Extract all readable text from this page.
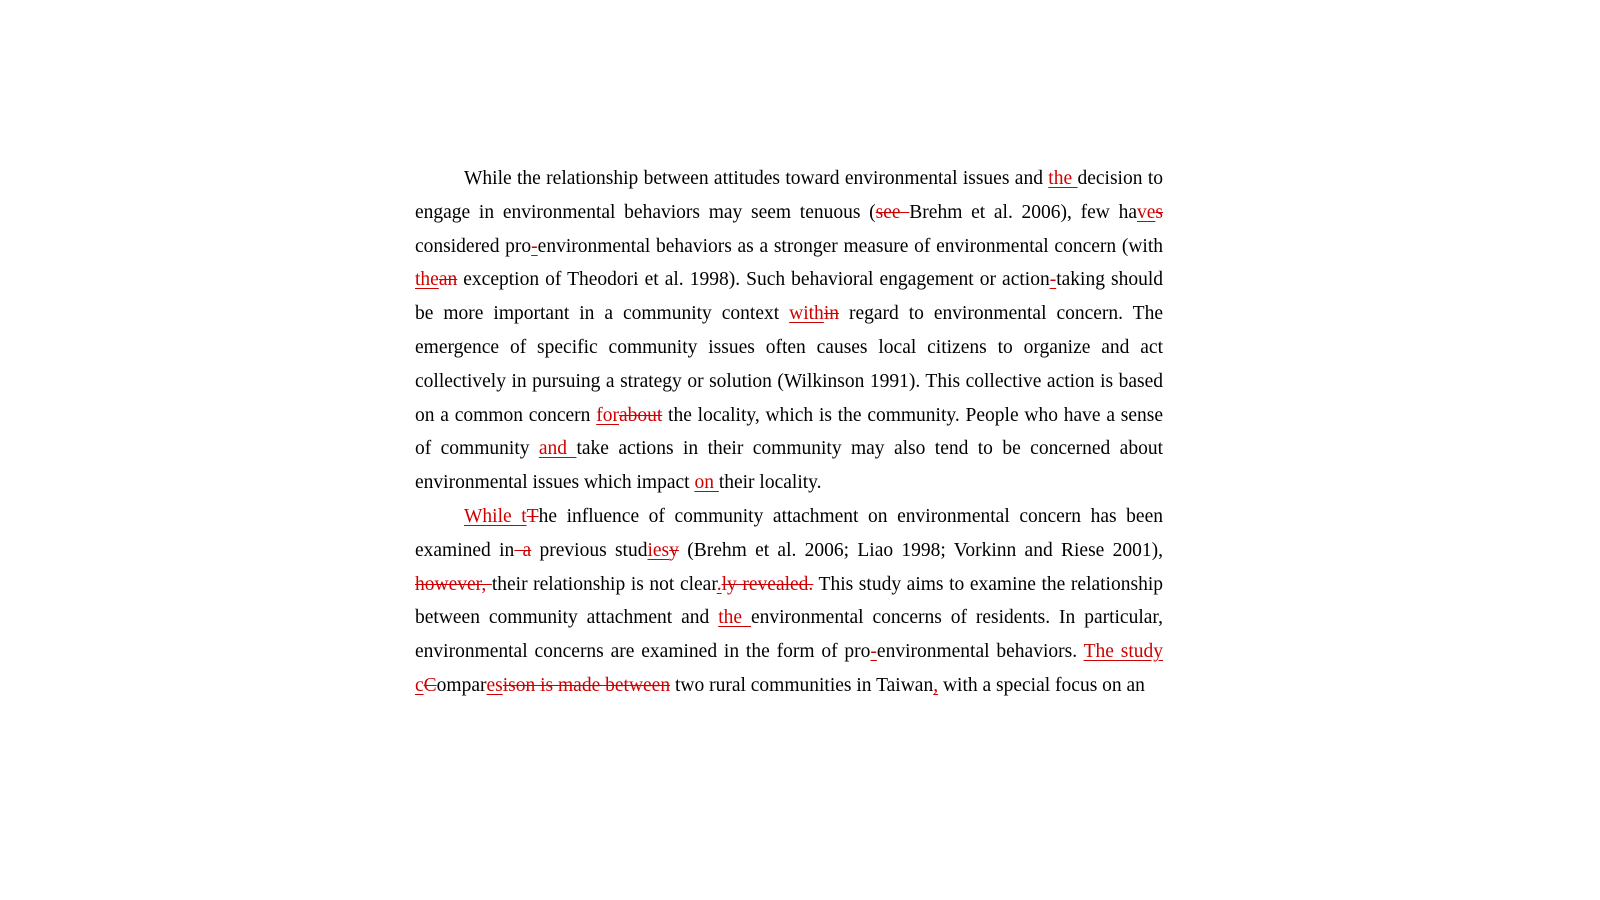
While the relationship between attitudes toward environmental issues and the decision to engage in environmental behaviors may seem tenuous (see Brehm et al. 2006), few haves considered pro-environmental behaviors as a stronger measure of environmental concern (with thean exception of Theodori et al. 1998). Such behavioral engagement or action-taking should be more important in a community context within regard to environmental concern. The emergence of specific community issues often causes local citizens to organize and act collectively in pursuing a strategy or solution (Wilkinson 1991). This collective action is based on a common concern forabout the locality, which is the community. People who have a sense of community and take actions in their community may also tend to be concerned about environmental issues which impact on their locality.

While tThe influence of community attachment on environmental concern has been examined in a previous studiesy (Brehm et al. 2006; Liao 1998; Vorkinn and Riese 2001), however, their relationship is not clear.ly revealed. This study aims to examine the relationship between community attachment and the environmental concerns of residents. In particular, environmental concerns are examined in the form of pro-environmental behaviors. The study cComparesison is made between two rural communities in Taiwan, with a special focus on an
